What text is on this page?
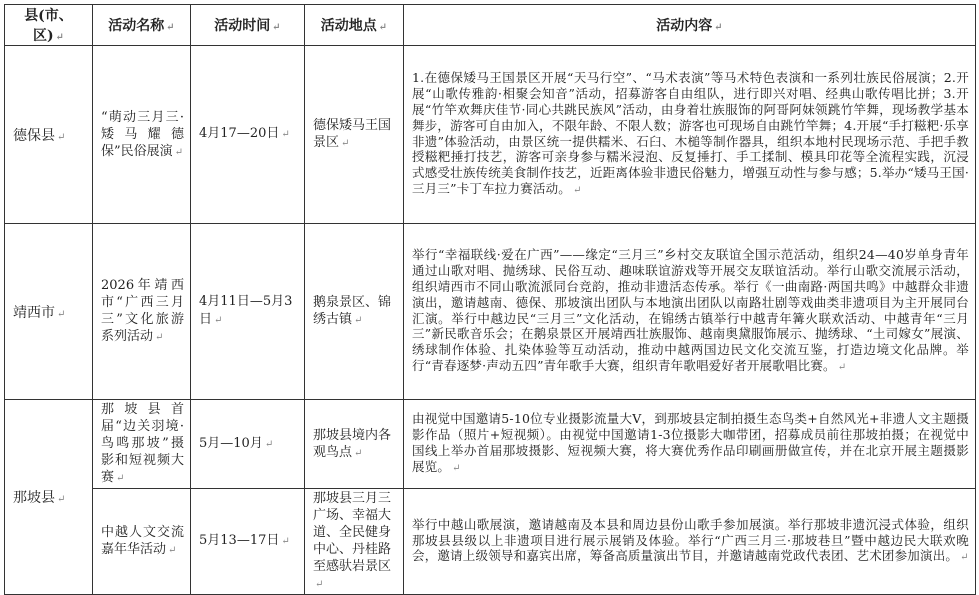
县(市、区) ↵	活动名称 ↵	活动时间 ↵	活动地点 ↵	活动内容 ↵
德保县 ↵	“萌动三月三·矮马耀德保”民俗展演 ↵	4月17—20日 ↵	德保矮马王国景区 ↵	1.在德保矮马王国景区开展“天马行空”、“马术表演”等马术特色表演和一系列壮族民俗展演；2.开展“山歌传雅韵·相聚会知音”活动，招募游客自由组队，进行即兴对唱、经典山歌传唱比拼；3.开展“竹竿欢舞庆佳节·同心共跳民族风”活动，由身着壮族服饰的阿哥阿妹领跳竹竿舞，现场教学基本舞步，游客可自由加入，不限年龄、不限人数；游客也可现场自由跳竹竿舞；4.开展“手打糍粑·乐享非遗”体验活动，由景区统一提供糯米、石臼、木槌等制作器具，组织本地村民现场示范、手把手教授糍粑捶打技艺，游客可亲身参与糯米浸泡、反复捶打、手工揉制、模具印花等全流程实践，沉浸式感受壮族传统美食制作技艺，近距离体验非遗民俗魅力，增强互动性与参与感；5.举办“矮马王国·三月三”卡丁车拉力赛活动。 ↵
靖西市 ↵	2026年靖西市“广西三月三”文化旅游系列活动 ↵	4月11日—5月3日 ↵	鹅泉景区、锦绣古镇 ↵	举行“幸福联线·爱在广西”——缘定“三月三”乡村交友联谊全国示范活动，组织24—40岁单身青年通过山歌对唱、抛绣球、民俗互动、趣味联谊游戏等开展交友联谊活动。举行山歌交流展示活动，组织靖西市不同山歌流派同台竞韵，推动非遗活态传承。举行《一曲南路·两国共鸣》中越群众非遗演出，邀请越南、德保、那坡演出团队与本地演出团队以南路壮剧等戏曲类非遗项目为主开展同台汇演。举行中越边民“三月三”文化活动，在锦绣古镇举行中越青年篝火联欢活动、中越青年“三月三”新民歌音乐会；在鹅泉景区开展靖西壮族服饰、越南奥黛服饰展示、抛绣球、“土司嫁女”展演、绣球制作体验、扎染体验等互动活动，推动中越两国边民文化交流互鉴，打造边境文化品牌。举行“青春逐梦·声动五四”青年歌手大赛，组织青年歌唱爱好者开展歌唱比赛。 ↵
那坡县 ↵	那坡县首届“边关羽境·鸟鸣那坡”摄影和短视频大赛 ↵	5月—10月 ↵	那坡县境内各观鸟点 ↵	由视觉中国邀请5-10位专业摄影流量大V，到那坡县定制拍摄生态鸟类+自然风光+非遗人文主题摄影作品（照片+短视频）。由视觉中国邀请1-3位摄影大咖带团，招募成员前往那坡拍摄；在视觉中国线上举办首届那坡摄影、短视频大赛，将大赛优秀作品印刷画册做宣传，并在北京开展主题摄影展览。 ↵
	中越人文交流嘉年华活动 ↵	5月13—17日 ↵	那坡县三月三广场、幸福大道、全民健身中心、丹桂路至感驮岩景区↵	举行中越山歌展演，邀请越南及本县和周边县份山歌手参加展演。举行那坡非遗沉浸式体验，组织那坡县县级以上非遗项目进行展示展销及体验。举行“广西三月三·那坡巷旦”暨中越边民大联欢晚会，邀请上级领导和嘉宾出席，筹备高质量演出节目，并邀请越南党政代表团、艺术团参加演出。 ↵
